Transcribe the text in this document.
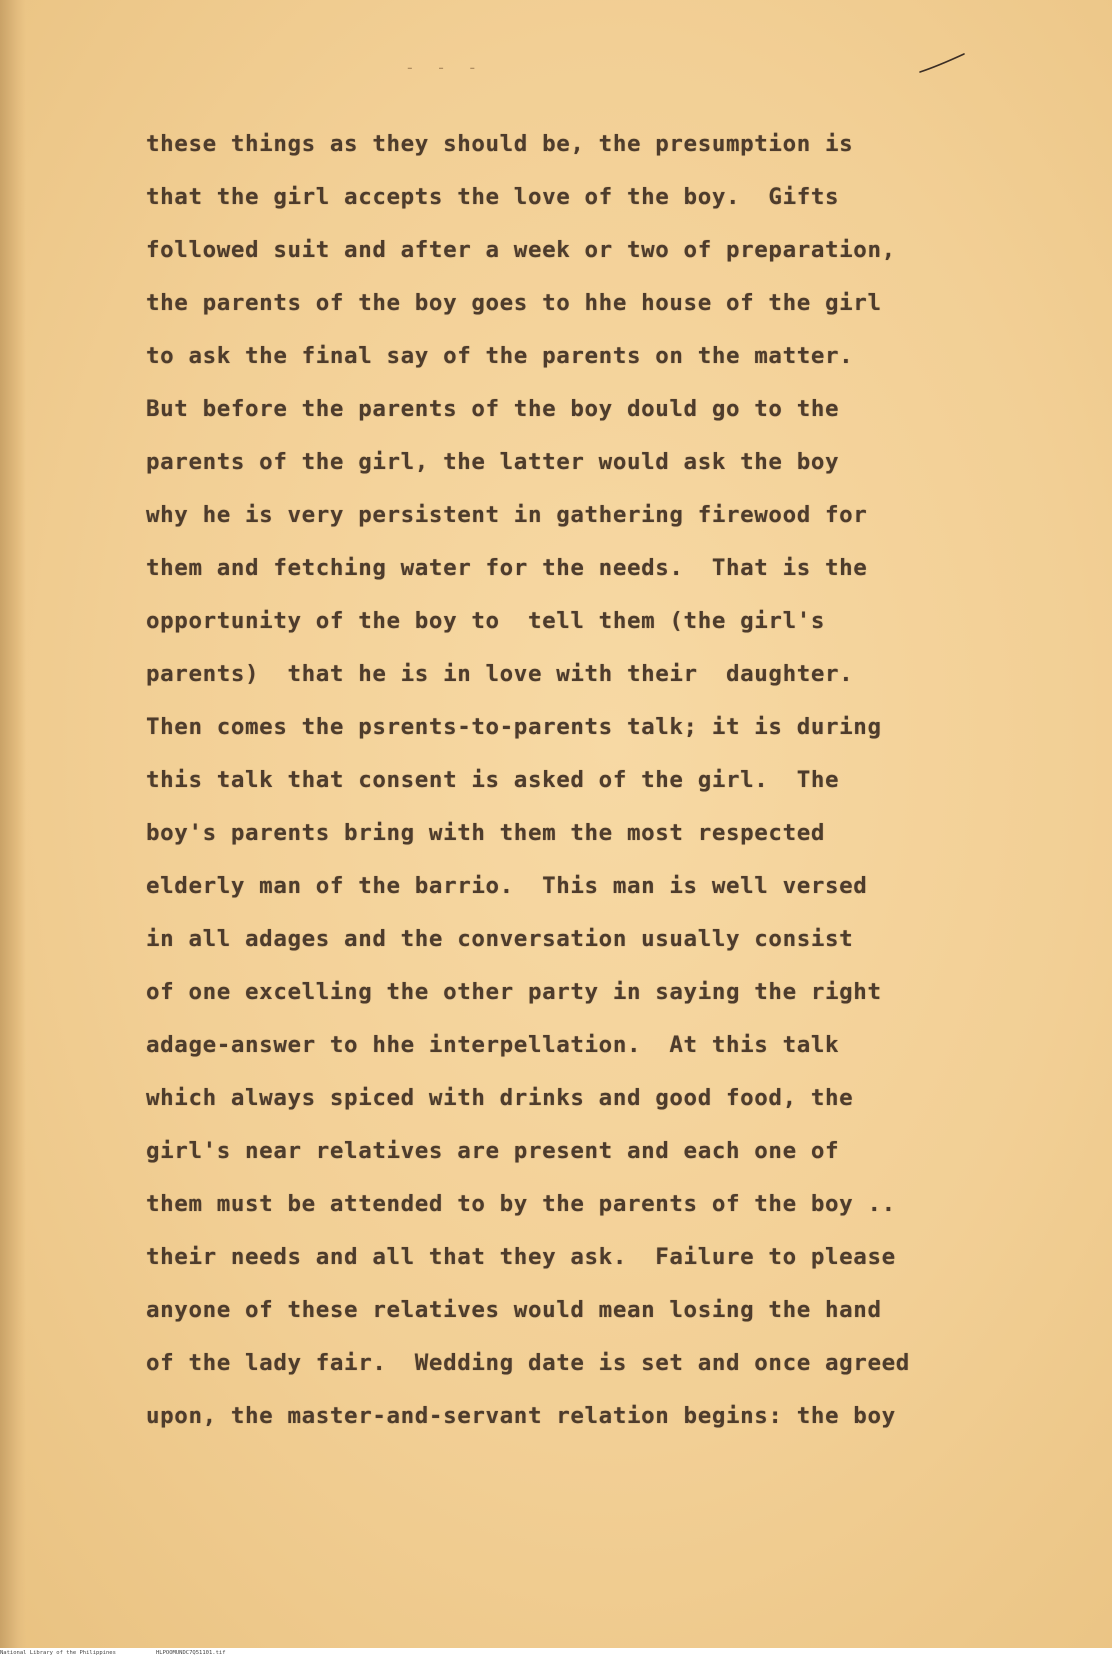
- - -
these things as they should be, the presumption is
that the girl accepts the love of the boy.  Gifts
followed suit and after a week or two of preparation,
the parents of the boy goes to hhe house of the girl
to ask the final say of the parents on the matter.
But before the parents of the boy dould go to the
parents of the girl, the latter would ask the boy
why he is very persistent in gathering firewood for
them and fetching water for the needs.  That is the
opportunity of the boy to  tell them (the girl's
parents)  that he is in love with their  daughter.
Then comes the psrents-to-parents talk; it is during
this talk that consent is asked of the girl.  The
boy's parents bring with them the most respected
elderly man of the barrio.  This man is well versed
in all adages and the conversation usually consist
of one excelling the other party in saying the right
adage-answer to hhe interpellation.  At this talk
which always spiced with drinks and good food, the
girl's near relatives are present and each one of
them must be attended to by the parents of the boy ..
their needs and all that they ask.  Failure to please
anyone of these relatives would mean losing the hand
of the lady fair.  Wedding date is set and once agreed
upon, the master-and-servant relation begins: the boy
National Library of the Philippines	HLPOOMUNDC7Q51101.tif
